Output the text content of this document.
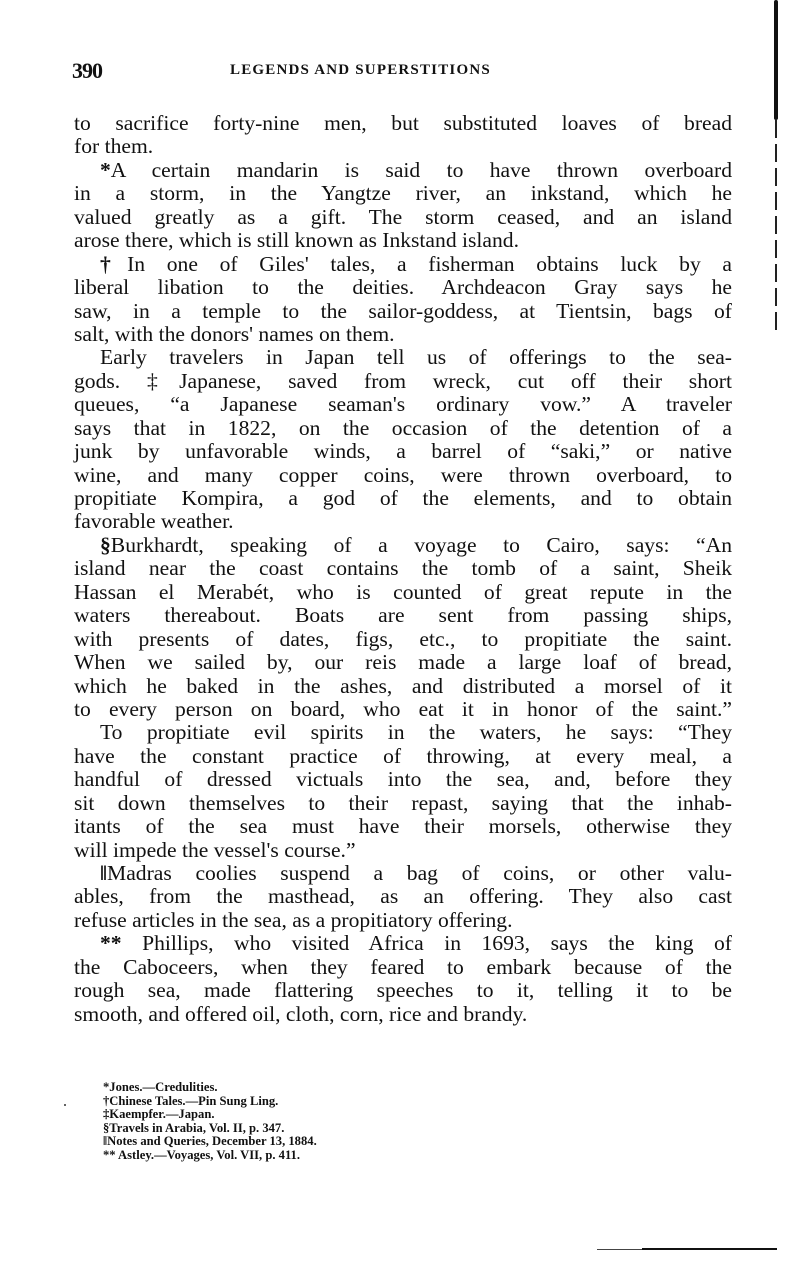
390	LEGENDS AND SUPERSTITIONS
to sacrifice forty-nine men, but substituted loaves of bread
for them.
*A certain mandarin is said to have thrown overboard
in a storm, in the Yangtze river, an inkstand, which he
valued greatly as a gift. The storm ceased, and an island
arose there, which is still known as Inkstand island.
†In one of Giles' tales, a fisherman obtains luck by a
liberal libation to the deities. Archdeacon Gray says he
saw, in a temple to the sailor-goddess, at Tientsin, bags of
salt, with the donors' names on them.
Early travelers in Japan tell us of offerings to the sea-
gods. ‡Japanese, saved from wreck, cut off their short
queues, “a Japanese seaman's ordinary vow.” A traveler
says that in 1822, on the occasion of the detention of a
junk by unfavorable winds, a barrel of “saki,” or native
wine, and many copper coins, were thrown overboard, to
propitiate Kompira, a god of the elements, and to obtain
favorable weather.
§Burkhardt, speaking of a voyage to Cairo, says: “An
island near the coast contains the tomb of a saint, Sheik
Hassan el Merabét, who is counted of great repute in the
waters thereabout. Boats are sent from passing ships,
with presents of dates, figs, etc., to propitiate the saint.
When we sailed by, our reis made a large loaf of bread,
which he baked in the ashes, and distributed a morsel of it
to every person on board, who eat it in honor of the saint.”
To propitiate evil spirits in the waters, he says: “They
have the constant practice of throwing, at every meal, a
handful of dressed victuals into the sea, and, before they
sit down themselves to their repast, saying that the inhab-
itants of the sea must have their morsels, otherwise they
will impede the vessel's course.”
‖Madras coolies suspend a bag of coins, or other valu-
ables, from the masthead, as an offering. They also cast
refuse articles in the sea, as a propitiatory offering.
** Phillips, who visited Africa in 1693, says the king of
the Caboceers, when they feared to embark because of the
rough sea, made flattering speeches to it, telling it to be
smooth, and offered oil, cloth, corn, rice and brandy.
*Jones.—Credulities.
†Chinese Tales.—Pin Sung Ling.
‡Kaempfer.—Japan.
§Travels in Arabia, Vol. II, p. 347.
‖Notes and Queries, December 13, 1884.
** Astley.—Voyages, Vol. VII, p. 411.
